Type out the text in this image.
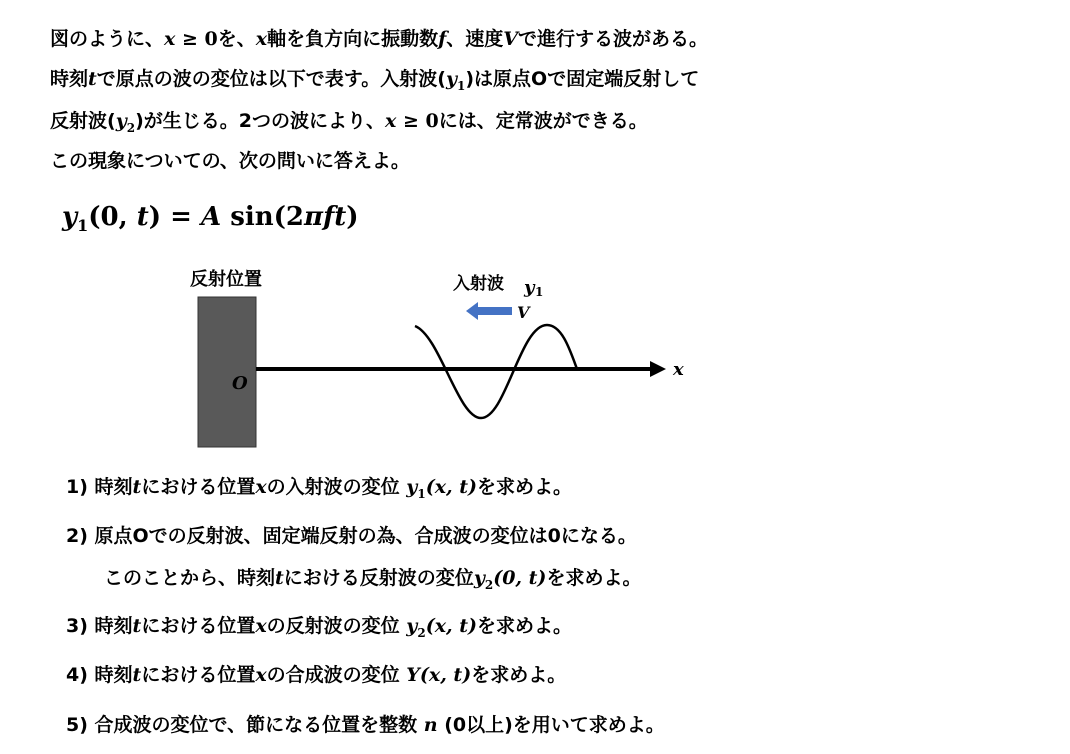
図のように、x ≥ 0を、x軸を負方向に振動数f、速度Vで進行する波がある。
時刻tで原点の波の変位は以下で表す。入射波$(y_1)$は原点Oで固定端反射して
反射波$(y_2)$が生じる。2つの波により、x ≥ 0には、定常波ができる。
この現象についての、次の問いに答えよ。
$y_1(0$, t) = A sin(2πft)
反射位置
O
x
入射波 y 1
V
1) 時刻tにおける位置xの入射波の変位 $y_1(x$, t)を求めよ。
2) 原点Oでの反射波、固定端反射の為、合成波の変位は0になる。
このことから、時刻tにおける反射波の変位$y_2(0$, t)を求めよ。
3) 時刻tにおける位置xの反射波の変位 $y_2(x$, t)を求めよ。
4) 時刻tにおける位置xの合成波の変位 Y(x, t)を求めよ。
5) 合成波の変位で、節になる位置を整数 n (0以上)を用いて求めよ。
